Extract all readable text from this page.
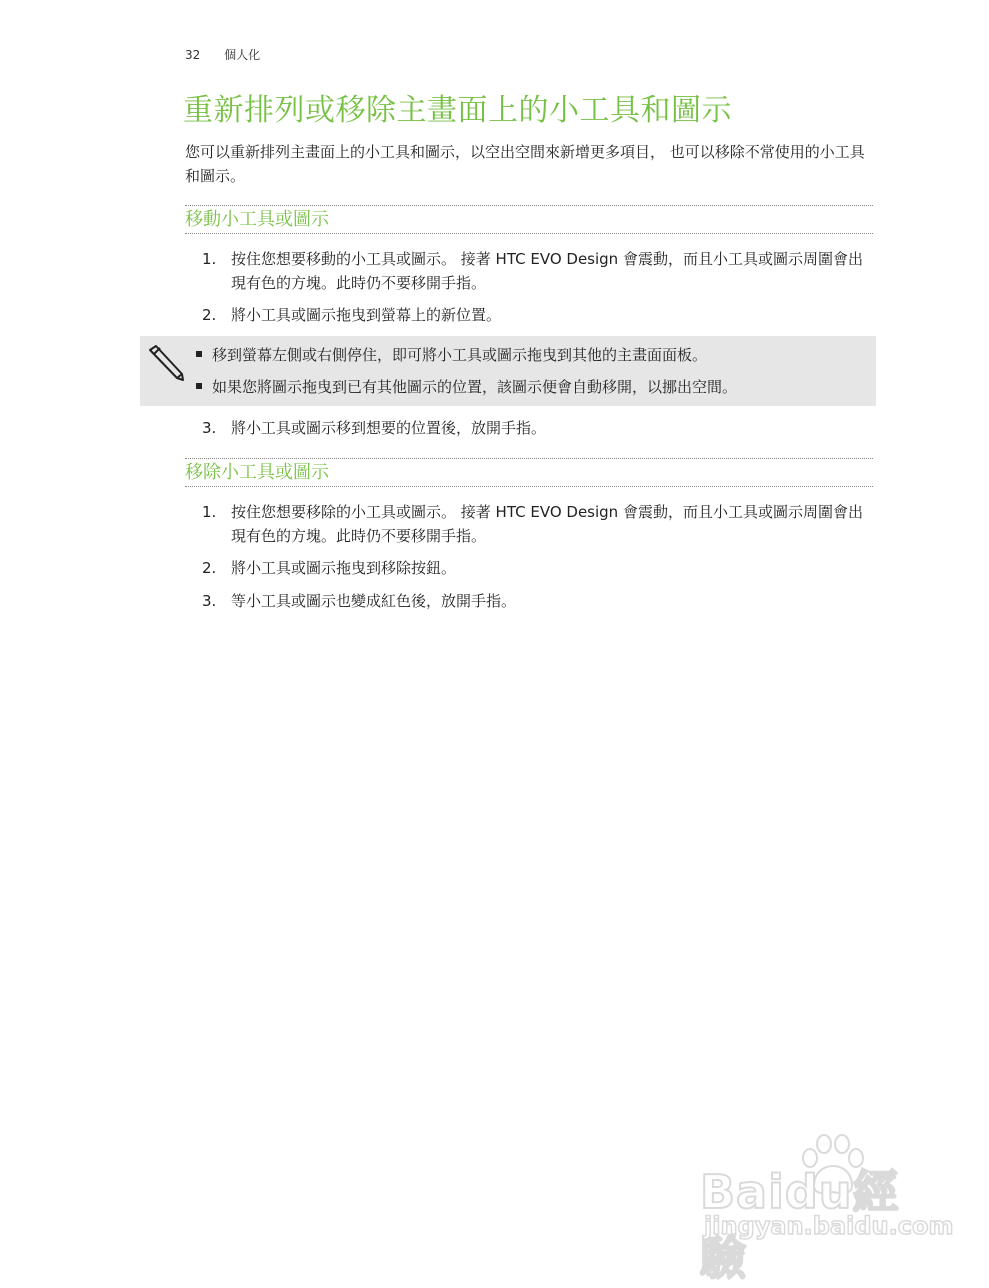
32 個人化
重新排列或移除主畫面上的小工具和圖示

您可以重新排列主畫面上的小工具和圖示，以空出空間來新增更多項目， 也可以移除不常使用的小工具和圖示。

移動小工具或圖示
1. 按住您想要移動的小工具或圖示。 接著 HTC EVO Design 會震動，而且小工具或圖示周圍會出現有色的方塊。此時仍不要移開手指。
2. 將小工具或圖示拖曳到螢幕上的新位置。
移到螢幕左側或右側停住，即可將小工具或圖示拖曳到其他的主畫面面板。
如果您將圖示拖曳到已有其他圖示的位置，該圖示便會自動移開，以挪出空間。
3. 將小工具或圖示移到想要的位置後，放開手指。
移除小工具或圖示
1. 按住您想要移除的小工具或圖示。 接著 HTC EVO Design 會震動，而且小工具或圖示周圍會出現有色的方塊。此時仍不要移開手指。
2. 將小工具或圖示拖曳到移除按鈕。
3. 等小工具或圖示也變成紅色後，放開手指。
Baidu經驗
jingyan.baidu.com
